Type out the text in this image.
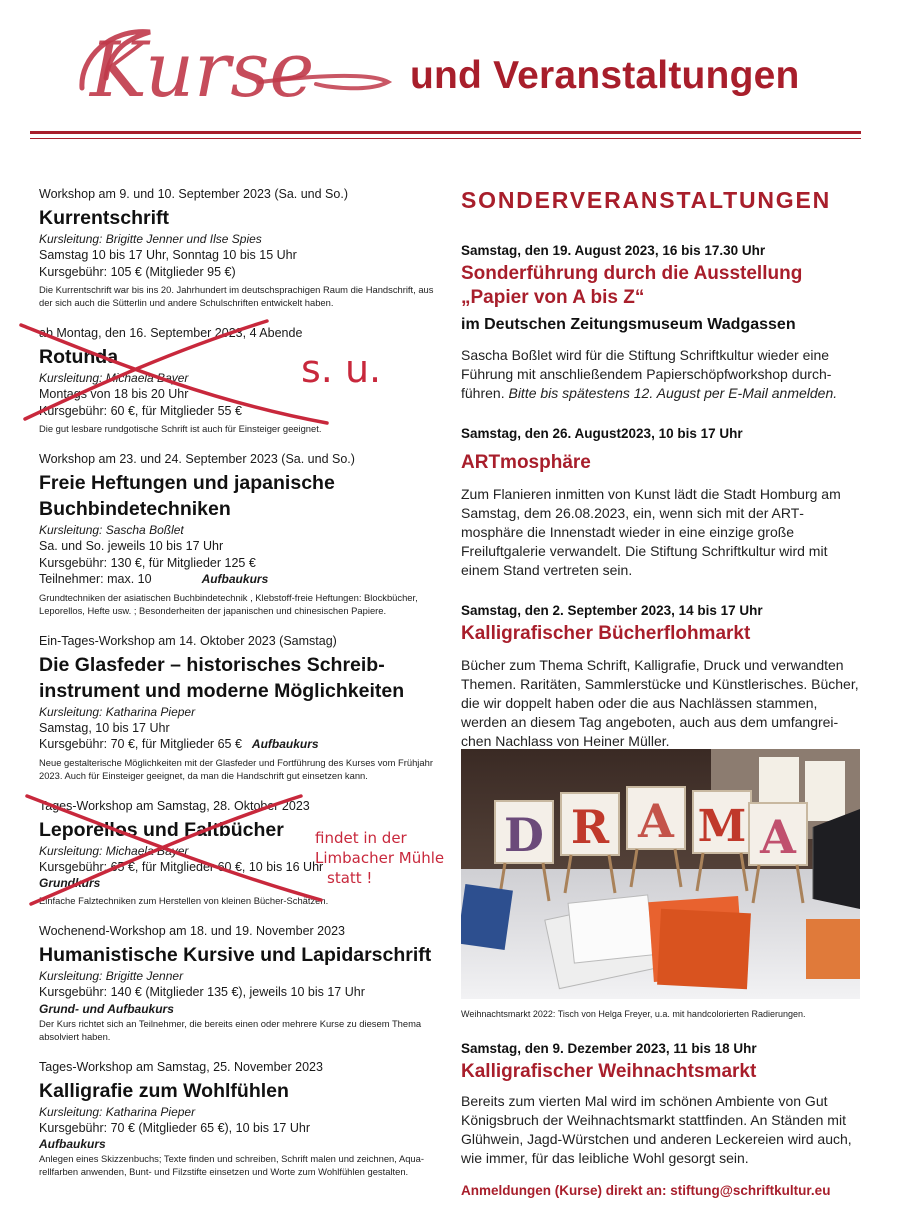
Kurse und Veranstaltungen
Workshop am 9. und 10. September 2023 (Sa. und So.)
Kurrentschrift
Kursleitung: Brigitte Jenner und Ilse Spies
Samstag 10 bis 17 Uhr, Sonntag 10 bis 15 Uhr
Kursgebühr: 105 € (Mitglieder 95 €)
Die Kurrentschrift war bis ins 20. Jahrhundert im deutschsprachigen Raum die Handschrift, aus der sich auch die Sütterlin und andere Schulschriften entwickelt haben.
ab Montag, den 16. September 2023, 4 Abende
Rotunda
Kursleitung: Michaela Bayer
Montags von 18 bis 20 Uhr
Kursgebühr: 60 €, für Mitglieder 55 €
Die gut lesbare rundgotische Schrift ist auch für Einsteiger geeignet.
s. u.
Workshop am 23. und 24. September 2023 (Sa. und So.)
Freie Heftungen und japanische
Buchbindetechniken
Kursleitung: Sascha Boßlet
Sa. und So. jeweils 10 bis 17 Uhr
Kursgebühr: 130 €, für Mitglieder 125 €
Teilnehmer: max. 10	Aufbaukurs
Grundtechniken der asiatischen Buchbindetechnik , Klebstoff-freie Heftungen: Blockbücher, Leporellos, Hefte usw. ; Besonderheiten der japanischen und chinesischen Papiere.
Ein-Tages-Workshop am 14. Oktober 2023 (Samstag)
Die Glasfeder – historisches Schreib-
instrument und moderne Möglichkeiten
Kursleitung: Katharina Pieper
Samstag, 10 bis 17 Uhr
Kursgebühr: 70 €, für Mitglieder 65 € Aufbaukurs
Neue gestalterische Möglichkeiten mit der Glasfeder und Fortführung des Kurses vom Frühjahr 2023. Auch für Einsteiger geeignet, da man die Handschrift gut einsetzen kann.
Tages-Workshop am Samstag, 28. Oktober 2023
Leporellos und Faltbücher
Kursleitung: Michaela Bayer
Kursgebühr: 65 €, für Mitglieder 60 €, 10 bis 16 Uhr
Grundkurs
Einfache Falztechniken zum Herstellen von kleinen Bücher-Schätzen.
findet in der
Limbacher Mühle
statt !
Wochenend-Workshop am 18. und 19. November 2023
Humanistische Kursive und Lapidarschrift
Kursleitung: Brigitte Jenner
Kursgebühr: 140 € (Mitglieder 135 €), jeweils 10 bis 17 Uhr
Grund- und Aufbaukurs
Der Kurs richtet sich an Teilnehmer, die bereits einen oder mehrere Kurse zu diesem Thema absolviert haben.
Tages-Workshop am Samstag, 25. November 2023
Kalligrafie zum Wohlfühlen
Kursleitung: Katharina Pieper
Kursgebühr: 70 € (Mitglieder 65 €), 10 bis 17 Uhr
Aufbaukurs
Anlegen eines Skizzenbuchs; Texte finden und schreiben, Schrift malen und zeichnen, Aquarellfarben anwenden, Bunt- und Filzstifte einsetzen und Worte zum Wohlfühlen gestalten.
SONDERVERANSTALTUNGEN
Samstag, den 19. August 2023, 16 bis 17.30 Uhr
Sonderführung durch die Ausstellung
„Papier von A bis Z“
im Deutschen Zeitungsmuseum Wadgassen
Sascha Boßlet wird für die Stiftung Schriftkultur wieder eine Führung mit anschließendem Papierschöpfworkshop durchführen. Bitte bis spätestens 12. August per E-Mail anmelden.
Samstag, den 26. August2023, 10 bis 17 Uhr
ARTmosphäre
Zum Flanieren inmitten von Kunst lädt die Stadt Homburg am Samstag, dem 26.08.2023, ein, wenn sich mit der ARTmosphäre die Innenstadt wieder in eine einzige große Freiluftgalerie verwandelt. Die Stiftung Schriftkultur wird mit einem Stand vertreten sein.
Samstag, den 2. September 2023, 14 bis 17 Uhr
Kalligrafischer Bücherflohmarkt
Bücher zum Thema Schrift, Kalligrafie, Druck und verwandten Themen. Raritäten, Sammlerstücke und Künstlerisches. Bücher, die wir doppelt haben oder die aus Nachlässen stammen, werden an diesem Tag angeboten, auch aus dem umfangreichen Nachlass von Heiner Müller.
D R A M A
Weihnachtsmarkt 2022: Tisch von Helga Freyer, u.a. mit handcolorierten Radierungen.
Samstag, den 9. Dezember 2023, 11 bis 18 Uhr
Kalligrafischer Weihnachtsmarkt
Bereits zum vierten Mal wird im schönen Ambiente von Gut Königsbruch der Weihnachtsmarkt stattfinden. An Ständen mit Glühwein, Jagd-Würstchen und anderen Leckereien wird auch, wie immer, für das leibliche Wohl gesorgt sein.
Anmeldungen (Kurse) direkt an: stiftung@schriftkultur.eu
